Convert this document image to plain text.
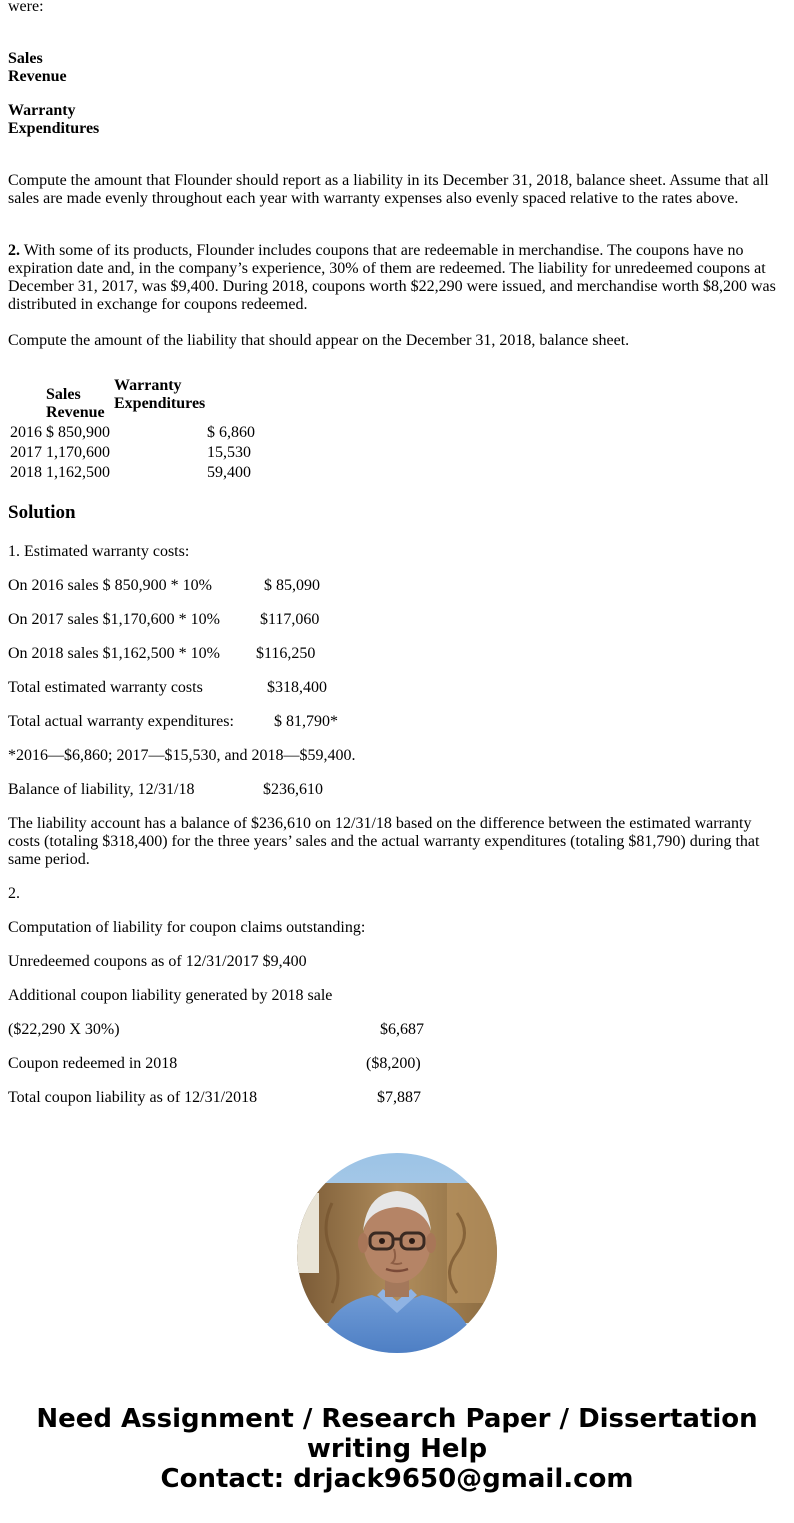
were:
Sales
Revenue
Warranty
Expenditures
Compute the amount that Flounder should report as a liability in its December 31, 2018, balance sheet. Assume that all sales are made evenly throughout each year with warranty expenses also evenly spaced relative to the rates above.
2. With some of its products, Flounder includes coupons that are redeemable in merchandise. The coupons have no expiration date and, in the company’s experience, 30% of them are redeemed. The liability for unredeemed coupons at December 31, 2017, was $9,400. During 2018, coupons worth $22,290 were issued, and merchandise worth $8,200 was distributed in exchange for coupons redeemed.
Compute the amount of the liability that should appear on the December 31, 2018, balance sheet.
Sales
Revenue
Warranty
Expenditures
2016 $ 850,900	$ 6,860
2017 1,170,600	15,530
2018 1,162,500	59,400
Solution
1. Estimated warranty costs:
On 2016 sales $ 850,900 * 10%	$ 85,090
On 2017 sales $1,170,600 * 10%	$117,060
On 2018 sales $1,162,500 * 10% $116,250
Total estimated warranty costs	$318,400
Total actual warranty expenditures:	$ 81,790*
*2016—$6,860; 2017—$15,530, and 2018—$59,400.
Balance of liability, 12/31/18	$236,610
The liability account has a balance of $236,610 on 12/31/18 based on the difference between the estimated warranty costs (totaling $318,400) for the three years’ sales and the actual warranty expenditures (totaling $81,790) during that same period.
2.
Computation of liability for coupon claims outstanding:
Unredeemed coupons as of 12/31/2017 $9,400
Additional coupon liability generated by 2018 sale
($22,290 X 30%)	$6,687
Coupon redeemed in 2018	($8,200)
Total coupon liability as of 12/31/2018	$7,887
Need Assignment / Research Paper / Dissertation
writing Help
Contact: drjack9650@gmail.com
